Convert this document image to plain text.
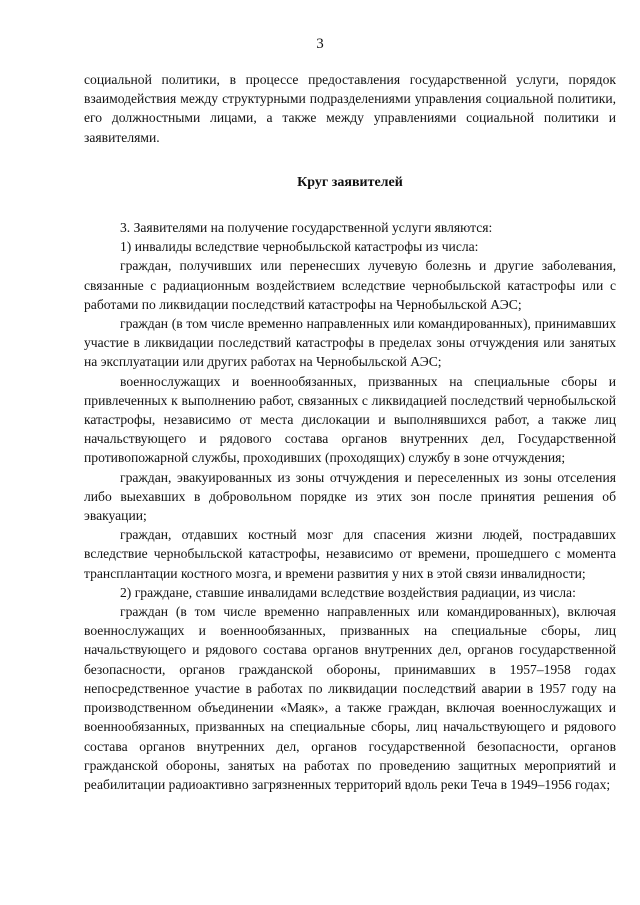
3

социальной политики, в процессе предоставления государственной услуги, порядок взаимодействия между структурными подразделениями управления социальной политики, его должностными лицами, а также между управлениями социальной политики и заявителями.

Круг заявителей

3. Заявителями на получение государственной услуги являются:

1) инвалиды вследствие чернобыльской катастрофы из числа:

граждан, получивших или перенесших лучевую болезнь и другие заболевания, связанные с радиационным воздействием вследствие чернобыльской катастрофы или с работами по ликвидации последствий катастрофы на Чернобыльской АЭС;

граждан (в том числе временно направленных или командированных), принимавших участие в ликвидации последствий катастрофы в пределах зоны отчуждения или занятых на эксплуатации или других работах на Чернобыльской АЭС;

военнослужащих и военнообязанных, призванных на специальные сборы и привлеченных к выполнению работ, связанных с ликвидацией последствий чернобыльской катастрофы, независимо от места дислокации и выполнявшихся работ, а также лиц начальствующего и рядового состава органов внутренних дел, Государственной противопожарной службы, проходивших (проходящих) службу в зоне отчуждения;

граждан, эвакуированных из зоны отчуждения и переселенных из зоны отселения либо выехавших в добровольном порядке из этих зон после принятия решения об эвакуации;

граждан, отдавших костный мозг для спасения жизни людей, пострадавших вследствие чернобыльской катастрофы, независимо от времени, прошедшего с момента трансплантации костного мозга, и времени развития у них в этой связи инвалидности;

2) граждане, ставшие инвалидами вследствие воздействия радиации, из числа:

граждан (в том числе временно направленных или командированных), включая военнослужащих и военнообязанных, призванных на специальные сборы, лиц начальствующего и рядового состава органов внутренних дел, органов государственной безопасности, органов гражданской обороны, принимавших в 1957–1958 годах непосредственное участие в работах по ликвидации последствий аварии в 1957 году на производственном объединении «Маяк», а также граждан, включая военнослужащих и военнообязанных, призванных на специальные сборы, лиц начальствующего и рядового состава органов внутренних дел, органов государственной безопасности, органов гражданской обороны, занятых на работах по проведению защитных мероприятий и реабилитации радиоактивно загрязненных территорий вдоль реки Теча в 1949–1956 годах;
